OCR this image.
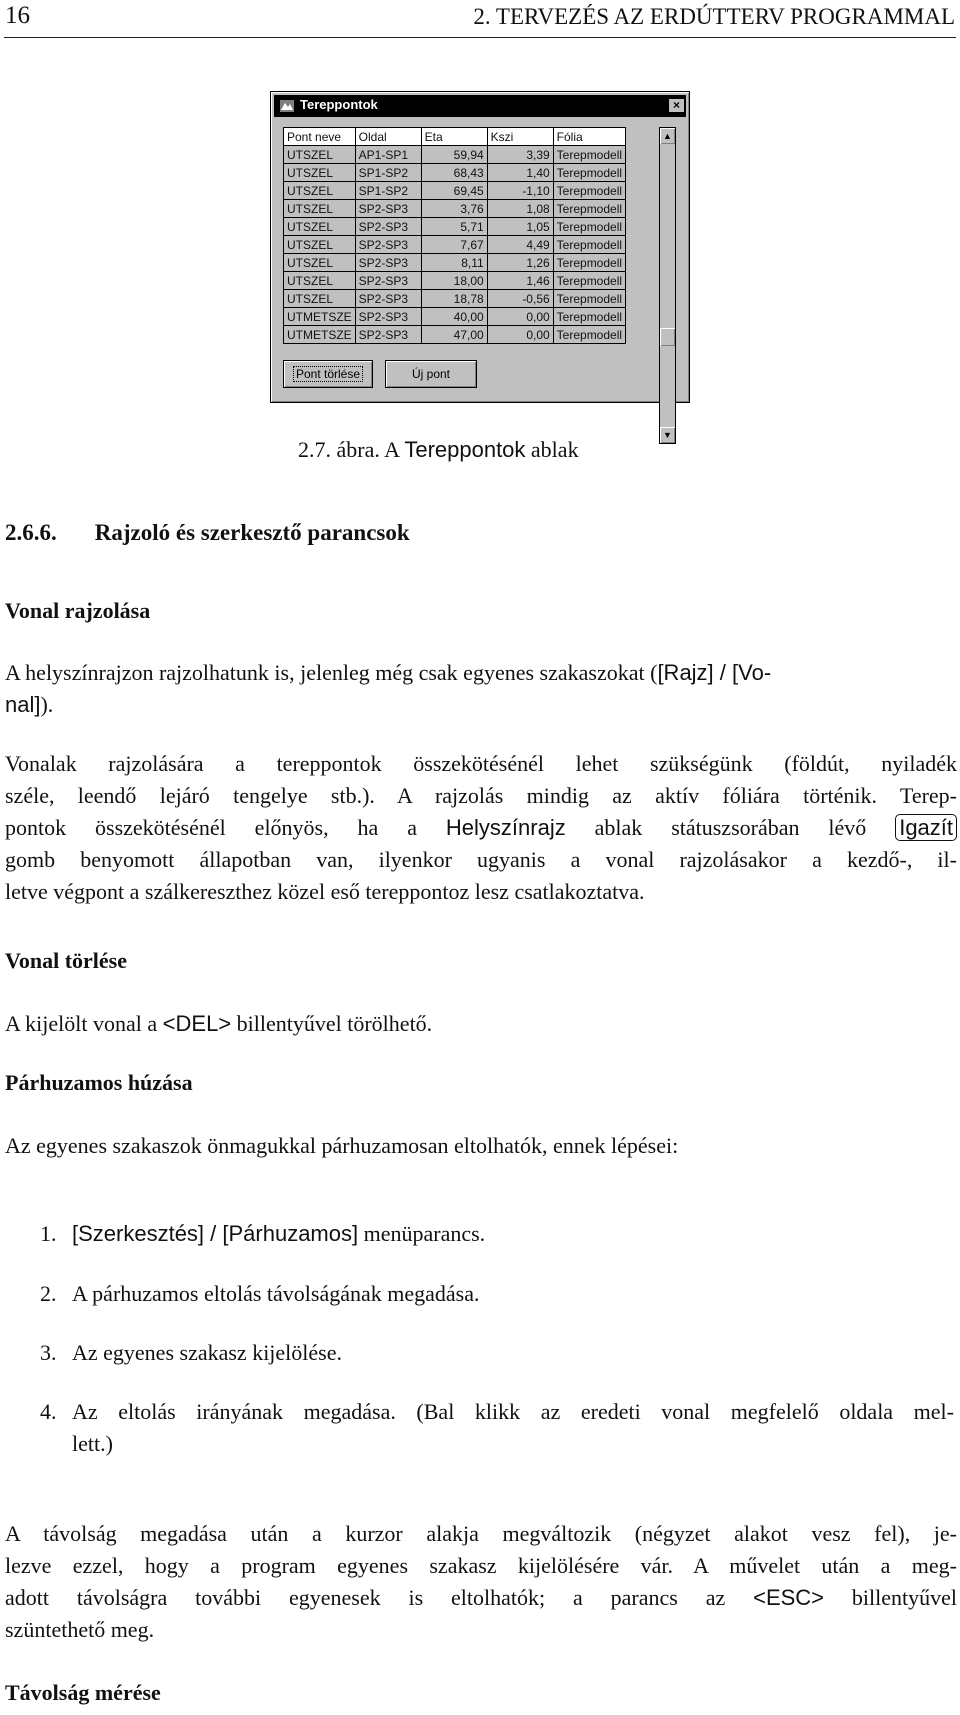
16	2. TERVEZÉS AZ ERDÚTTERV PROGRAMMAL
Tereppontok	×
Pont neve	Oldal	Eta	Kszi	Fólia
UTSZEL	AP1-SP1	59,94	3,39	Terepmodell
UTSZEL	SP1-SP2	68,43	1,40	Terepmodell
UTSZEL	SP1-SP2	69,45	-1,10	Terepmodell
UTSZEL	SP2-SP3	3,76	1,08	Terepmodell
UTSZEL	SP2-SP3	5,71	1,05	Terepmodell
UTSZEL	SP2-SP3	7,67	4,49	Terepmodell
UTSZEL	SP2-SP3	8,11	1,26	Terepmodell
UTSZEL	SP2-SP3	18,00	1,46	Terepmodell
UTSZEL	SP2-SP3	18,78	-0,56	Terepmodell
UTMETSZE	SP2-SP3	40,00	0,00	Terepmodell
UTMETSZE	SP2-SP3	47,00	0,00	Terepmodell
▲
▼
Pont törlése	Új pont
2.7. ábra. A Tereppontok ablak
2.6.6. Rajzoló és szerkesztő parancsok
Vonal rajzolása
A helyszínrajzon rajzolhatunk is, jelenleg még csak egyenes szakaszokat ([Rajz] / [Vo-
nal]).
Vonalak rajzolására a tereppontok összekötésénél lehet szükségünk (földút, nyiladék
széle, leendő lejáró tengelye stb.). A rajzolás mindig az aktív fóliára történik. Terep-
pontok összekötésénél előnyös, ha a Helyszínrajz ablak státuszsorában lévő Igazít
gomb benyomott állapotban van, ilyenkor ugyanis a vonal rajzolásakor a kezdő-, il-
letve végpont a szálkereszthez közel eső tereppontoz lesz csatlakoztatva.
Vonal törlése
A kijelölt vonal a <DEL> billentyűvel törölhető.
Párhuzamos húzása
Az egyenes szakaszok önmagukkal párhuzamosan eltolhatók, ennek lépései:
1. [Szerkesztés] / [Párhuzamos] menüparancs.
2. A párhuzamos eltolás távolságának megadása.
3. Az egyenes szakasz kijelölése.
4. Az eltolás irányának megadása. (Bal klikk az eredeti vonal megfelelő oldala mel-
lett.)
A távolság megadása után a kurzor alakja megváltozik (négyzet alakot vesz fel), je-
lezve ezzel, hogy a program egyenes szakasz kijelölésére vár. A művelet után a meg-
adott távolságra további egyenesek is eltolhatók; a parancs az <ESC> billentyűvel
szüntethető meg.
Távolság mérése
